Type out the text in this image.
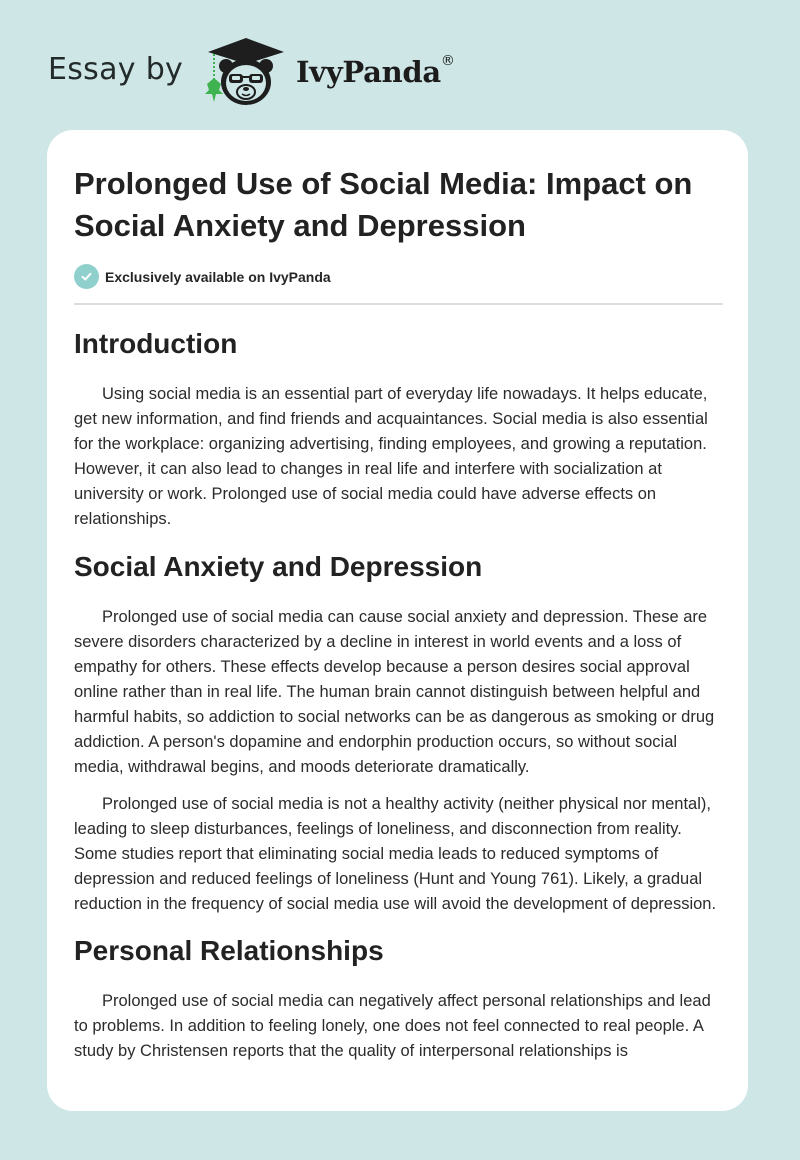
Essay by	IvyPanda®
Prolonged Use of Social Media: Impact on Social Anxiety and Depression
Exclusively available on IvyPanda
Introduction

Using social media is an essential part of everyday life nowadays. It helps educate, get new information, and find friends and acquaintances. Social media is also essential for the workplace: organizing advertising, finding employees, and growing a reputation. However, it can also lead to changes in real life and interfere with socialization at university or work. Prolonged use of social media could have adverse effects on relationships.

Social Anxiety and Depression

Prolonged use of social media can cause social anxiety and depression. These are severe disorders characterized by a decline in interest in world events and a loss of empathy for others. These effects develop because a person desires social approval online rather than in real life. The human brain cannot distinguish between helpful and harmful habits, so addiction to social networks can be as dangerous as smoking or drug addiction. A person's dopamine and endorphin production occurs, so without social media, withdrawal begins, and moods deteriorate dramatically.

Prolonged use of social media is not a healthy activity (neither physical nor mental), leading to sleep disturbances, feelings of loneliness, and disconnection from reality. Some studies report that eliminating social media leads to reduced symptoms of depression and reduced feelings of loneliness (Hunt and Young 761). Likely, a gradual reduction in the frequency of social media use will avoid the development of depression.

Personal Relationships

Prolonged use of social media can negatively affect personal relationships and lead to problems. In addition to feeling lonely, one does not feel connected to real people. A study by Christensen reports that the quality of interpersonal relationships is
